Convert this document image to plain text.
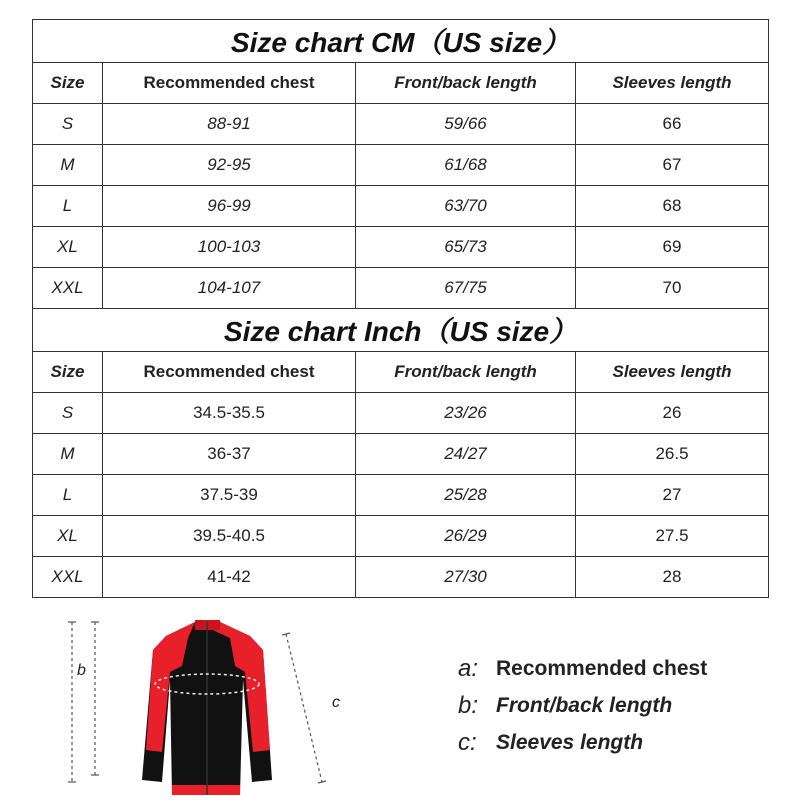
Size chart CM（US size）			
Size	Recommended chest	Front/back length	Sleeves length
S	88-91	59/66	66
M	92-95	61/68	67
L	96-99	63/70	68
XL	100-103	65/73	69
XXL	104-107	67/75	70
Size chart Inch（US size）			
Size	Recommended chest	Front/back length	Sleeves length
S	34.5-35.5	23/26	26
M	36-37	24/27	26.5
L	37.5-39	25/28	27
XL	39.5-40.5	26/29	27.5
XXL	41-42	27/30	28
a
b
c
a: Recommended chest
b: Front/back length
c: Sleeves length
